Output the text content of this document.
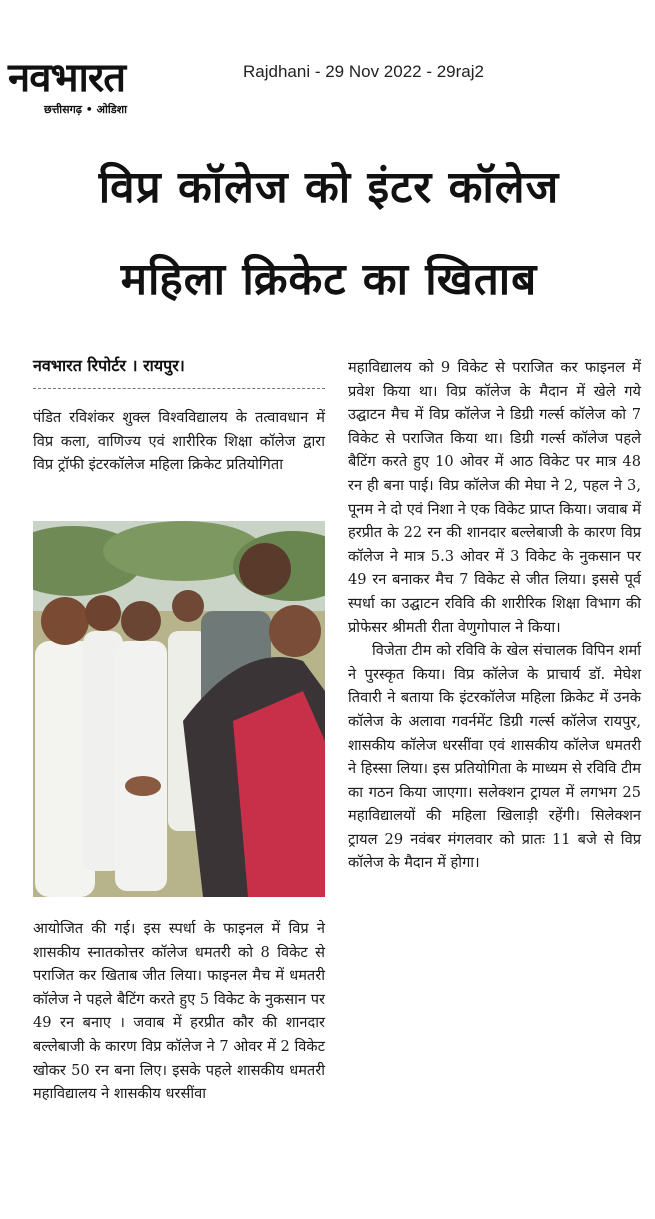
नवभारत
छत्तीसगढ़ • ओडिशा
Rajdhani - 29 Nov 2022 - 29raj2
विप्र कॉलेज को इंटर कॉलेज
महिला क्रिकेट का खिताब
नवभारत रिपोर्टर । रायपुर।
पंडित रविशंकर शुक्ल विश्वविद्यालय के तत्वावधान में विप्र कला, वाणिज्य एवं शारीरिक शिक्षा कॉलेज द्वारा विप्र ट्रॉफी इंटरकॉलेज महिला क्रिकेट प्रतियोगिता
आयोजित की गई। इस स्पर्धा के फाइनल में विप्र ने शासकीय स्नातकोत्तर कॉलेज धमतरी को 8 विकेट से पराजित कर खिताब जीत लिया। फाइनल मैच में धमतरी कॉलेज ने पहले बैटिंग करते हुए 5 विकेट के नुकसान पर 49 रन बनाए । जवाब में हरप्रीत कौर की शानदार बल्लेबाजी के कारण विप्र कॉलेज ने 7 ओवर में 2 विकेट खोकर 50 रन बना लिए। इसके पहले शासकीय धमतरी महाविद्यालय ने शासकीय धरसींवा
महाविद्यालय को 9 विकेट से पराजित कर फाइनल में प्रवेश किया था। विप्र कॉलेज के मैदान में खेले गये उद्घाटन मैच में विप्र कॉलेज ने डिग्री गर्ल्स कॉलेज को 7 विकेट से पराजित किया था। डिग्री गर्ल्स कॉलेज पहले बैटिंग करते हुए 10 ओवर में आठ विकेट पर मात्र 48 रन ही बना पाई। विप्र कॉलेज की मेघा ने 2, पहल ने 3, पूनम ने दो एवं निशा ने एक विकेट प्राप्त किया। जवाब में हरप्रीत के 22 रन की शानदार बल्लेबाजी के कारण विप्र कॉलेज ने मात्र 5.3 ओवर में 3 विकेट के नुकसान पर 49 रन बनाकर मैच 7 विकेट से जीत लिया। इससे पूर्व स्पर्धा का उद्घाटन रविवि की शारीरिक शिक्षा विभाग की प्रोफेसर श्रीमती रीता वेणुगोपाल ने किया।
विजेता टीम को रविवि के खेल संचालक विपिन शर्मा ने पुरस्कृत किया। विप्र कॉलेज के प्राचार्य डॉ. मेघेश तिवारी ने बताया कि इंटरकॉलेज महिला क्रिकेट में उनके कॉलेज के अलावा गवर्नमेंट डिग्री गर्ल्स कॉलेज रायपुर, शासकीय कॉलेज धरसींवा एवं शासकीय कॉलेज धमतरी ने हिस्सा लिया। इस प्रतियोगिता के माध्यम से रविवि टीम का गठन किया जाएगा। सलेक्शन ट्रायल में लगभग 25 महाविद्यालयों की महिला खिलाड़ी रहेंगी। सिलेक्शन ट्रायल 29 नवंबर मंगलवार को प्रातः 11 बजे से विप्र कॉलेज के मैदान में होगा।
